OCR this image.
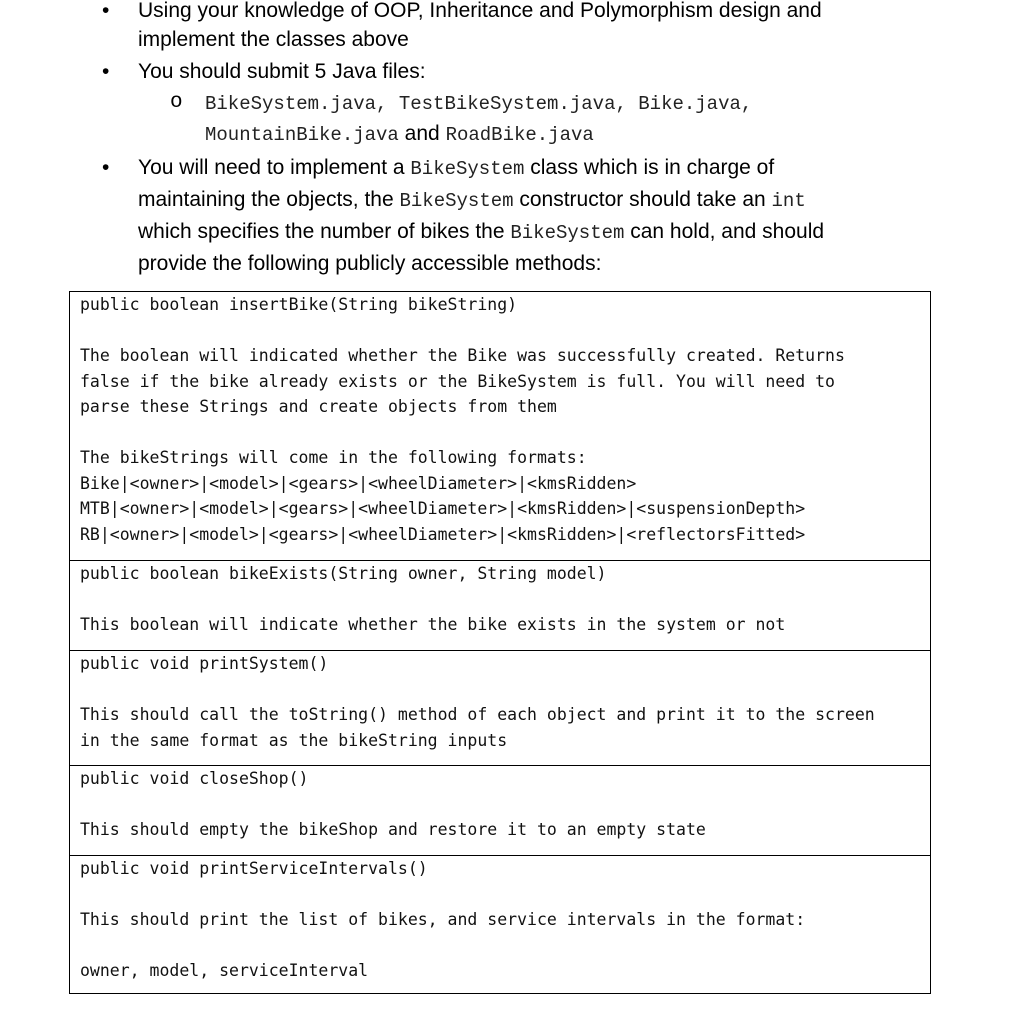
• Using your knowledge of OOP, Inheritance and Polymorphism design and
implement the classes above
• You should submit 5 Java files:
o BikeSystem.java, TestBikeSystem.java, Bike.java,
MountainBike.java and RoadBike.java
• You will need to implement a BikeSystem class which is in charge of
maintaining the objects, the BikeSystem constructor should take an int
which specifies the number of bikes the BikeSystem can hold, and should
provide the following publicly accessible methods:
public boolean insertBike(String bikeString)
The boolean will indicated whether the Bike was successfully created. Returns
false if the bike already exists or the BikeSystem is full. You will need to
parse these Strings and create objects from them
The bikeStrings will come in the following formats:
Bike|<owner>|<model>|<gears>|<wheelDiameter>|<kmsRidden>
MTB|<owner>|<model>|<gears>|<wheelDiameter>|<kmsRidden>|<suspensionDepth>
RB|<owner>|<model>|<gears>|<wheelDiameter>|<kmsRidden>|<reflectorsFitted>
public boolean bikeExists(String owner, String model)
This boolean will indicate whether the bike exists in the system or not
public void printSystem()
This should call the toString() method of each object and print it to the screen
in the same format as the bikeString inputs
public void closeShop()
This should empty the bikeShop and restore it to an empty state
public void printServiceIntervals()
This should print the list of bikes, and service intervals in the format:
owner, model, serviceInterval
